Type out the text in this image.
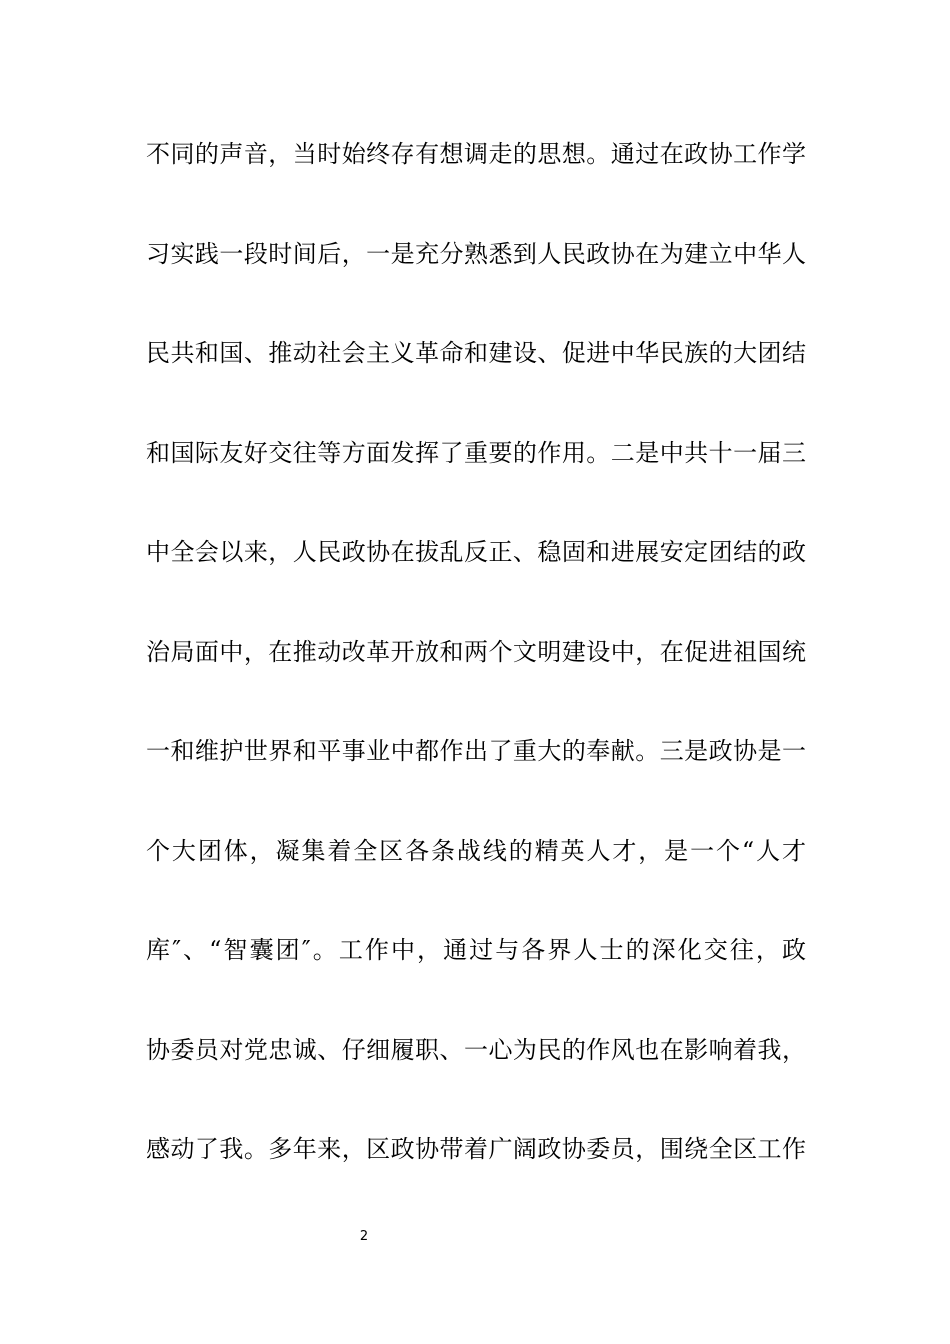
不同的声音，当时始终存有想调走的思想。通过在政协工作学
习实践一段时间后，一是充分熟悉到人民政协在为建立中华人
民共和国、推动社会主义革命和建设、促进中华民族的大团结
和国际友好交往等方面发挥了重要的作用。二是中共十一届三
中全会以来，人民政协在拔乱反正、稳固和进展安定团结的政
治局面中，在推动改革开放和两个文明建设中，在促进祖国统
一和维护世界和平事业中都作出了重大的奉献。三是政协是一
个大团体，凝集着全区各条战线的精英人才，是一个“人才
库″、“智囊团″。工作中，通过与各界人士的深化交往，政
协委员对党忠诚、仔细履职、一心为民的作风也在影响着我，
感动了我。多年来，区政协带着广阔政协委员，围绕全区工作
2
